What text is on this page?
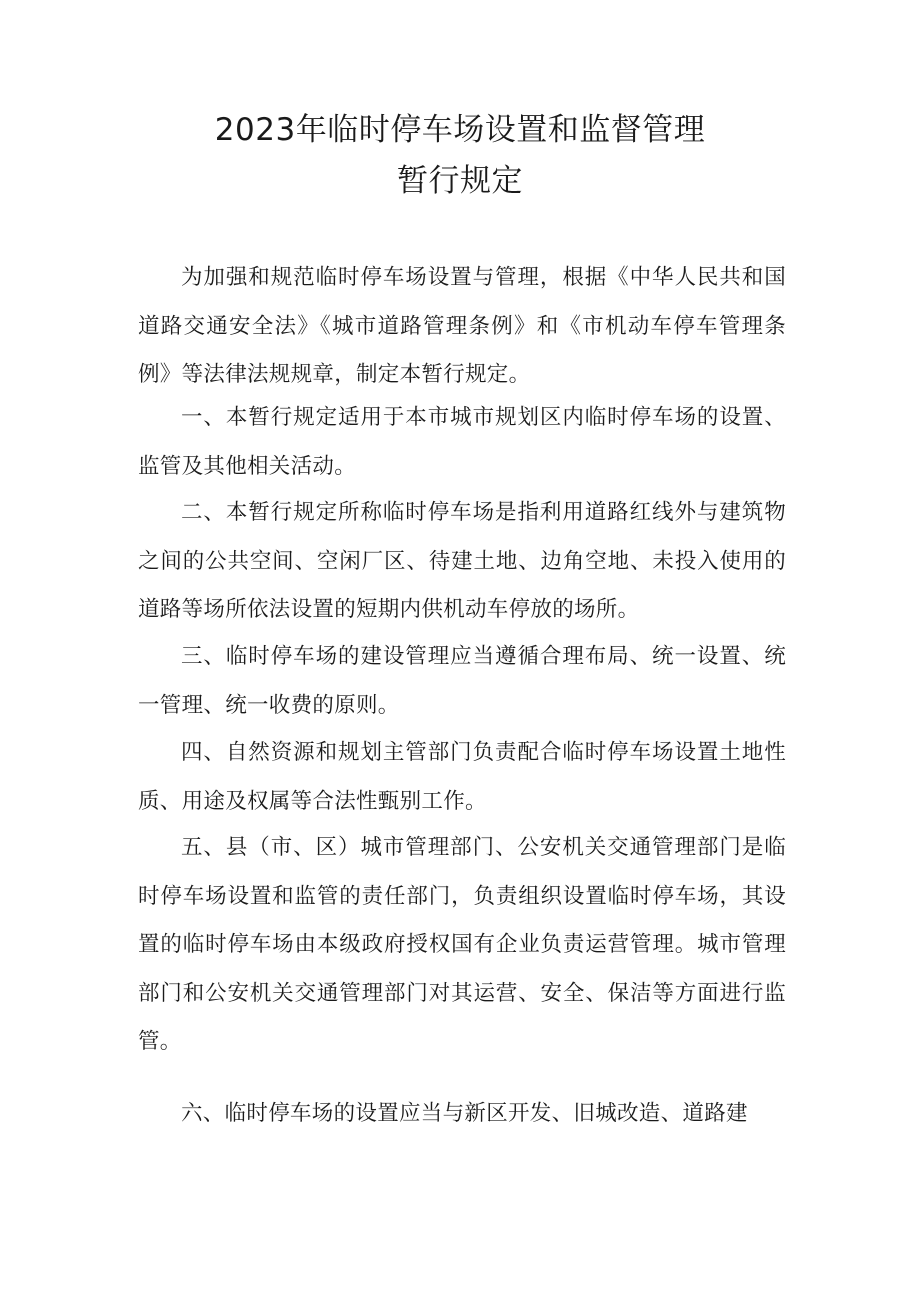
2023年临时停车场设置和监督管理
暂行规定

为加强和规范临时停车场设置与管理，根据《中华人民共和国道路交通安全法》《城市道路管理条例》和《市机动车停车管理条例》等法律法规规章，制定本暂行规定。

一、本暂行规定适用于本市城市规划区内临时停车场的设置、监管及其他相关活动。

二、本暂行规定所称临时停车场是指利用道路红线外与建筑物之间的公共空间、空闲厂区、待建土地、边角空地、未投入使用的道路等场所依法设置的短期内供机动车停放的场所。

三、临时停车场的建设管理应当遵循合理布局、统一设置、统一管理、统一收费的原则。

四、自然资源和规划主管部门负责配合临时停车场设置土地性质、用途及权属等合法性甄别工作。

五、县（市、区）城市管理部门、公安机关交通管理部门是临时停车场设置和监管的责任部门，负责组织设置临时停车场，其设置的临时停车场由本级政府授权国有企业负责运营管理。城市管理部门和公安机关交通管理部门对其运营、安全、保洁等方面进行监管。

六、临时停车场的设置应当与新区开发、旧城改造、道路建
